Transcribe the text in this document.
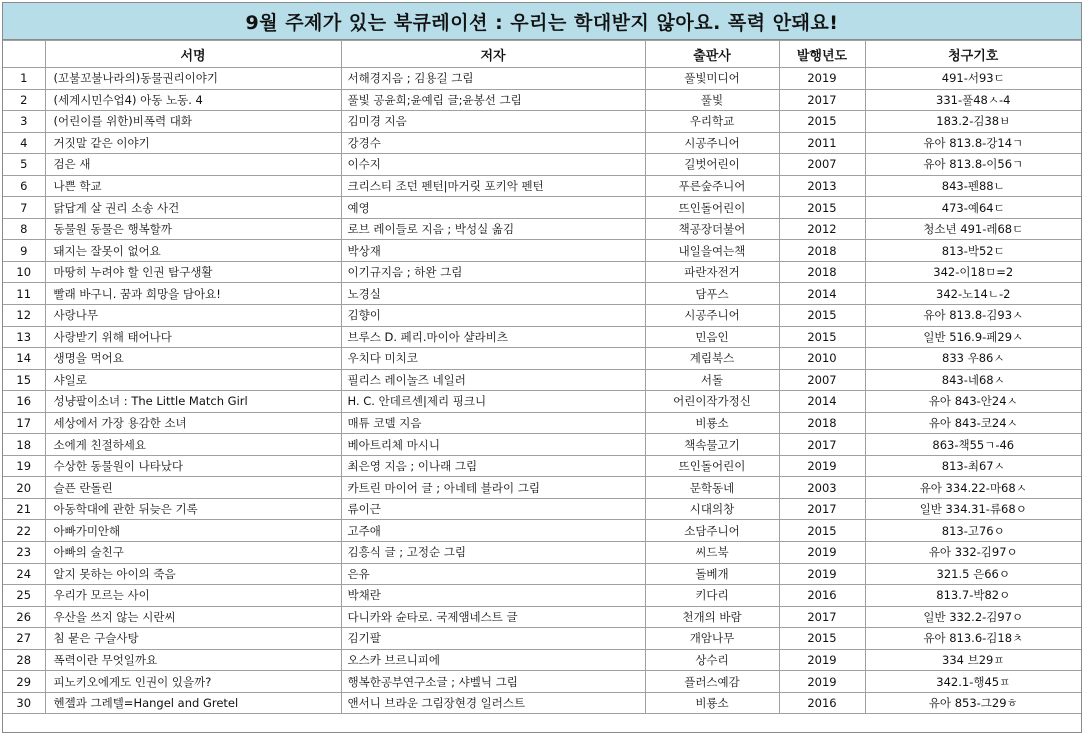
9월 주제가 있는 북큐레이션 : 우리는 학대받지 않아요. 폭력 안돼요!
	서명	저자	출판사	발행년도	청구기호
1	(꼬불꼬불나라의)동물권리이야기	서해경지음 ; 김용길 그림	풀빛미디어	2019	491-서93ㄷ
2	(세계시민수업4) 아동 노동. 4	풀빛 공윤희;윤예림 글;윤봉선 그림	풀빛	2017	331-풀48ㅅ-4
3	(어린이를 위한)비폭력 대화	김미경 지음	우리학교	2015	183.2-김38ㅂ
4	거짓말 같은 이야기	강경수	시공주니어	2011	유아 813.8-강14ㄱ
5	검은 새	이수지	길벗어린이	2007	유아 813.8-이56ㄱ
6	나쁜 학교	크리스티 조던 펜턴|마거릿 포키악 펜턴	푸른숲주니어	2013	843-펜88ㄴ
7	닭답게 살 권리 소송 사건	예영	뜨인돌어린이	2015	473-예64ㄷ
8	동물원 동물은 행복할까	로브 레이들로 지음 ; 박성실 옮김	책공장더불어	2012	청소년 491-레68ㄷ
9	돼지는 잘못이 없어요	박상재	내일을여는책	2018	813-박52ㄷ
10	마땅히 누려야 할 인권 탐구생활	이기규지음 ; 하완 그림	파란자전거	2018	342-이18ㅁ=2
11	빨래 바구니. 꿈과 희망을 담아요!	노경실	담푸스	2014	342-노14ㄴ-2
12	사랑나무	김향이	시공주니어	2015	유아 813.8-김93ㅅ
13	사랑받기 위해 태어나다	브루스 D. 페리.마이아 샬라비츠	민음인	2015	일반 516.9-페29ㅅ
14	생명을 먹어요	우치다 미치코	계림북스	2010	833 우86ㅅ
15	샤일로	필리스 레이놀즈 네일러	서돌	2007	843-네68ㅅ
16	성냥팔이소녀 : The Little Match Girl	H. C. 안데르센|제리 핑크니	어린이작가정신	2014	유아 843-안24ㅅ
17	세상에서 가장 용감한 소녀	매튜 코델 지음	비룡소	2018	유아 843-코24ㅅ
18	소에게 친절하세요	베아트리체 마시니	책속물고기	2017	863-책55ㄱ-46
19	수상한 동물원이 나타났다	최은영 지음 ; 이나래 그림	뜨인돌어린이	2019	813-최67ㅅ
20	슬픈 란돌린	카트린 마이어 글 ; 아네테 블라이 그림	문학동네	2003	유아 334.22-마68ㅅ
21	아동학대에 관한 뒤늦은 기록	류이근	시대의창	2017	일반 334.31-류68ㅇ
22	아빠가미안해	고주애	소담주니어	2015	813-고76ㅇ
23	아빠의 술친구	김흥식 글 ; 고정순 그림	씨드북	2019	유아 332-김97ㅇ
24	알지 못하는 아이의 죽음	은유	돌베개	2019	321.5 은66ㅇ
25	우리가 모르는 사이	박채란	키다리	2016	813.7-박82ㅇ
26	우산을 쓰지 않는 시란씨	다니카와 슌타로. 국제앰네스트 글	천개의 바람	2017	일반 332.2-김97ㅇ
27	침 묻은 구슬사탕	김기팔	개암나무	2015	유아 813.6-김18ㅊ
28	폭력이란 무엇일까요	오스카 브르니피에	상수리	2019	334 브29ㅍ
29	피노키오에게도 인권이 있을까?	행복한공부연구소글 ; 샤벨닉 그림	플러스예감	2019	342.1-행45ㅍ
30	헨젤과 그레텔=Hangel and Gretel	앤서니 브라운 그림장현경 일러스트	비룡소	2016	유아 853-그29ㅎ
